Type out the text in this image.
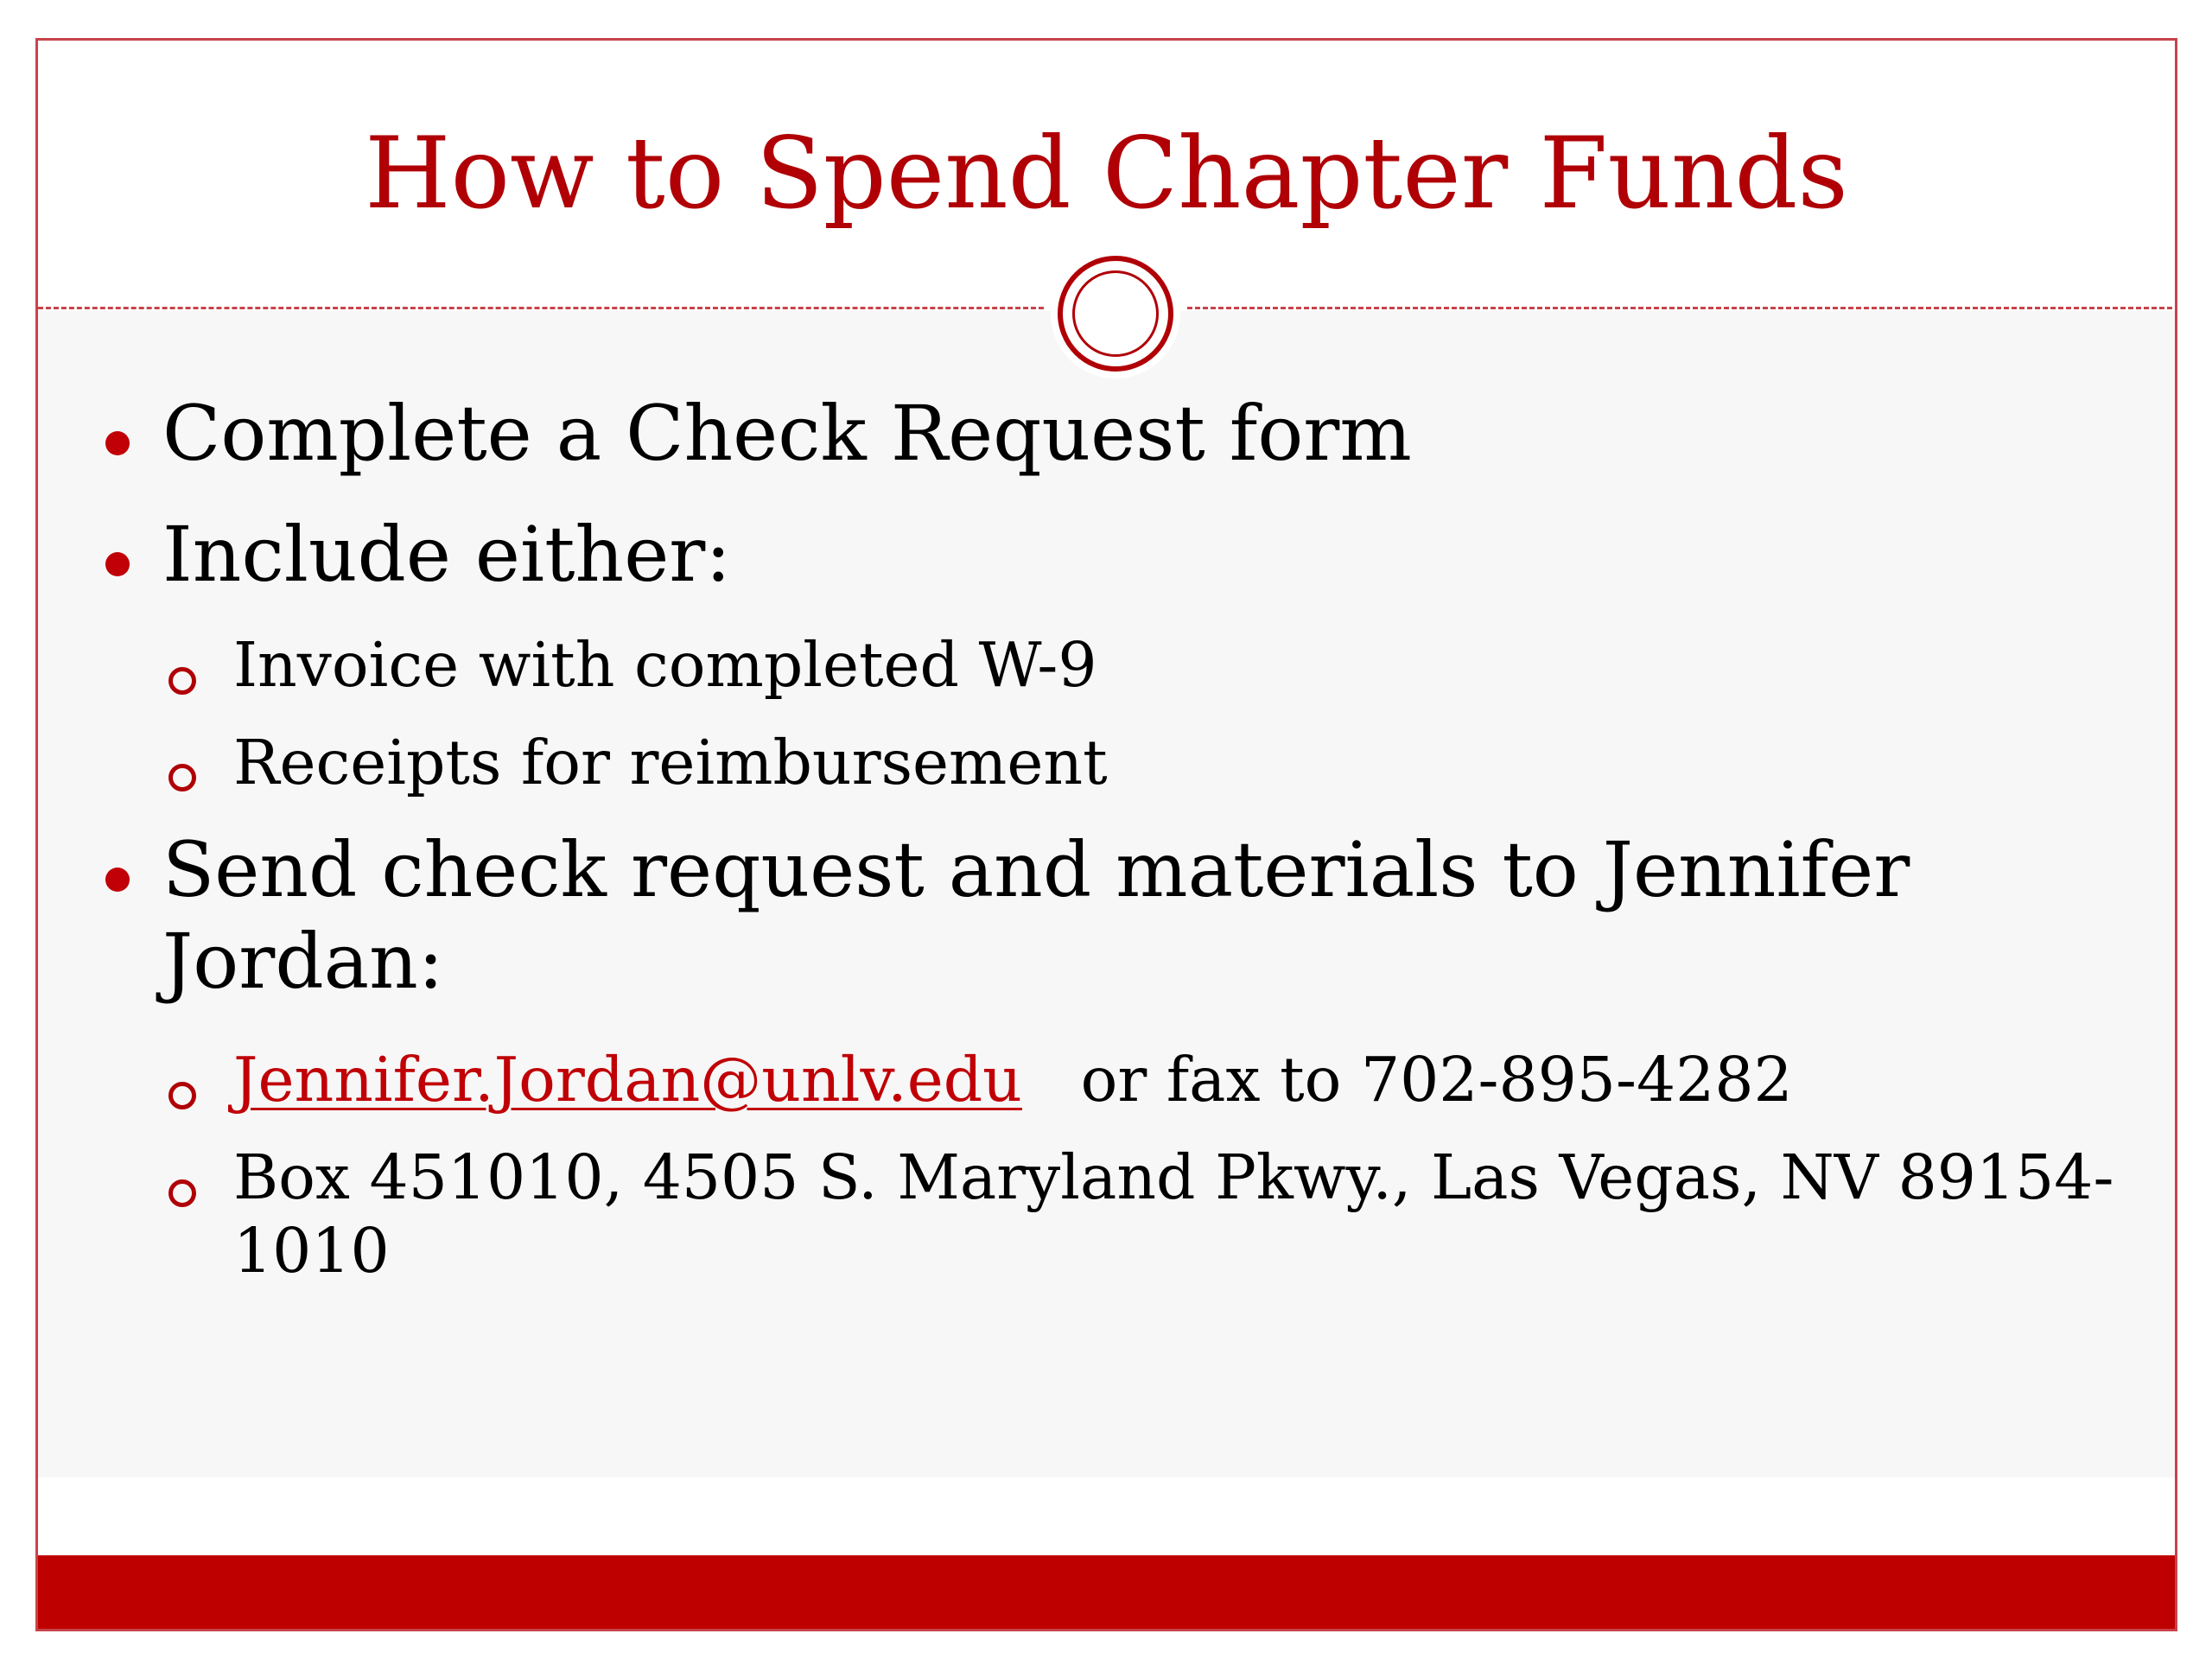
How to Spend Chapter Funds
Complete a Check Request form
Include either:
Invoice with completed W-9
Receipts for reimbursement
Send check request and materials to Jennifer
Jordan:
Jennifer.Jordan@unlv.edu or fax to 702-895-4282
Box 451010, 4505 S. Maryland Pkwy., Las Vegas, NV 89154-
1010
